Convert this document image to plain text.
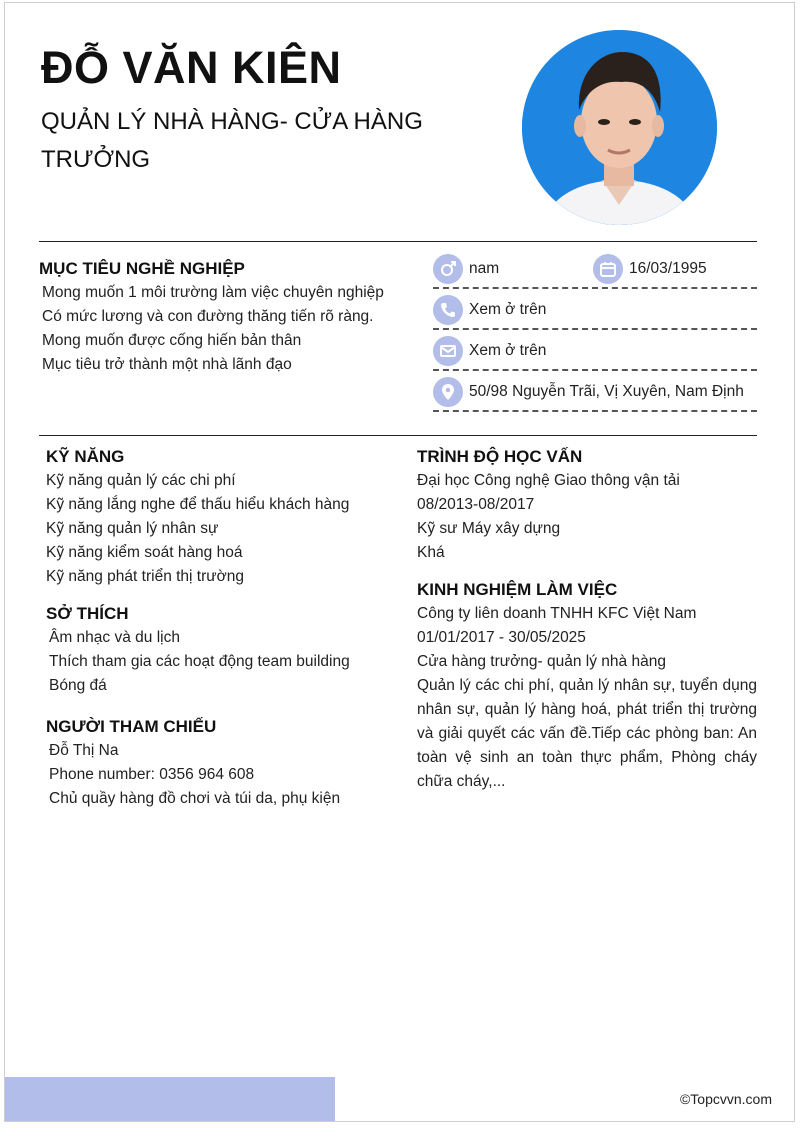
ĐỖ VĂN KIÊN
QUẢN LÝ NHÀ HÀNG- CỬA HÀNG TRƯỞNG
MỤC TIÊU NGHỀ NGHIỆP
Mong muốn 1 môi trường làm việc chuyên nghiệp
Có mức lương và con đường thăng tiến rõ ràng.
Mong muốn được cống hiến bản thân
Mục tiêu trở thành một nhà lãnh đạo
nam	16/03/1995
Xem ở trên
Xem ở trên
50/98 Nguyễn Trãi, Vị Xuyên, Nam Định
KỸ NĂNG
Kỹ năng quản lý các chi phí
Kỹ năng lắng nghe để thấu hiểu khách hàng
Kỹ năng quản lý nhân sự
Kỹ năng kiểm soát hàng hoá
Kỹ năng phát triển thị trường
SỞ THÍCH
Âm nhạc và du lịch
Thích tham gia các hoạt động team building
Bóng đá
NGƯỜI THAM CHIẾU
Đỗ Thị Na
Phone number: 0356 964 608
Chủ quầy hàng đồ chơi và túi da, phụ kiện
TRÌNH ĐỘ HỌC VẤN
Đại học Công nghệ Giao thông vận tải
08/2013-08/2017
Kỹ sư Máy xây dựng
Khá
KINH NGHIỆM LÀM VIỆC
Công ty liên doanh TNHH KFC Việt Nam
01/01/2017 - 30/05/2025
Cửa hàng trưởng- quản lý nhà hàng
Quản lý các chi phí, quản lý nhân sự, tuyển dụng nhân sự, quản lý hàng hoá, phát triển thị trường và giải quyết các vấn đề.Tiếp các phòng ban: An toàn vệ sinh an toàn thực phẩm, Phòng cháy chữa cháy,...
©Topcvvn.com
